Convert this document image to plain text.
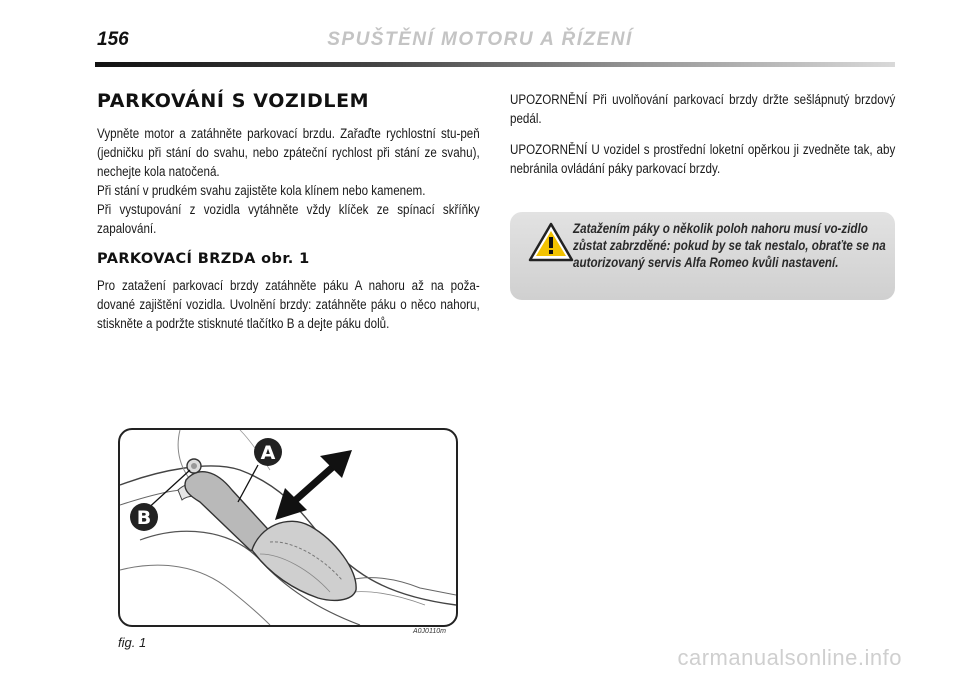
156	SPUŠTĚNÍ MOTORU A ŘÍZENÍ
PARKOVÁNÍ S VOZIDLEM

Vypněte motor a zatáhněte parkovací brzdu. Zařaďte rychlostní stu-peň (jedničku při stání do svahu, nebo zpáteční rychlost při stání ze svahu), nechejte kola natočená.

Při stání v prudkém svahu zajistěte kola klínem nebo kamenem.

Při vystupování z vozidla vytáhněte vždy klíček ze spínací skříňky zapalování.

PARKOVACÍ BRZDA obr. 1

Pro zatažení parkovací brzdy zatáhněte páku A nahoru až na poža-dované zajištění vozidla. Uvolnění brzdy: zatáhněte páku o něco nahoru, stiskněte a podržte stisknuté tlačítko B a dejte páku dolů.

UPOZORNĚNÍ Při uvolňování parkovací brzdy držte sešlápnutý brzdový pedál.

UPOZORNĚNÍ U vozidel s prostřední loketní opěrkou ji zvedněte tak, aby nebránila ovládání páky parkovací brzdy.

Zatažením páky o několik poloh nahoru musí vo-zidlo zůstat zabrzděné: pokud by se tak nestalo, obraťte se na autorizovaný servis Alfa Romeo kvůli nastavení.

A
B
fig. 1
A0J0110m
carmanualsonline.info
